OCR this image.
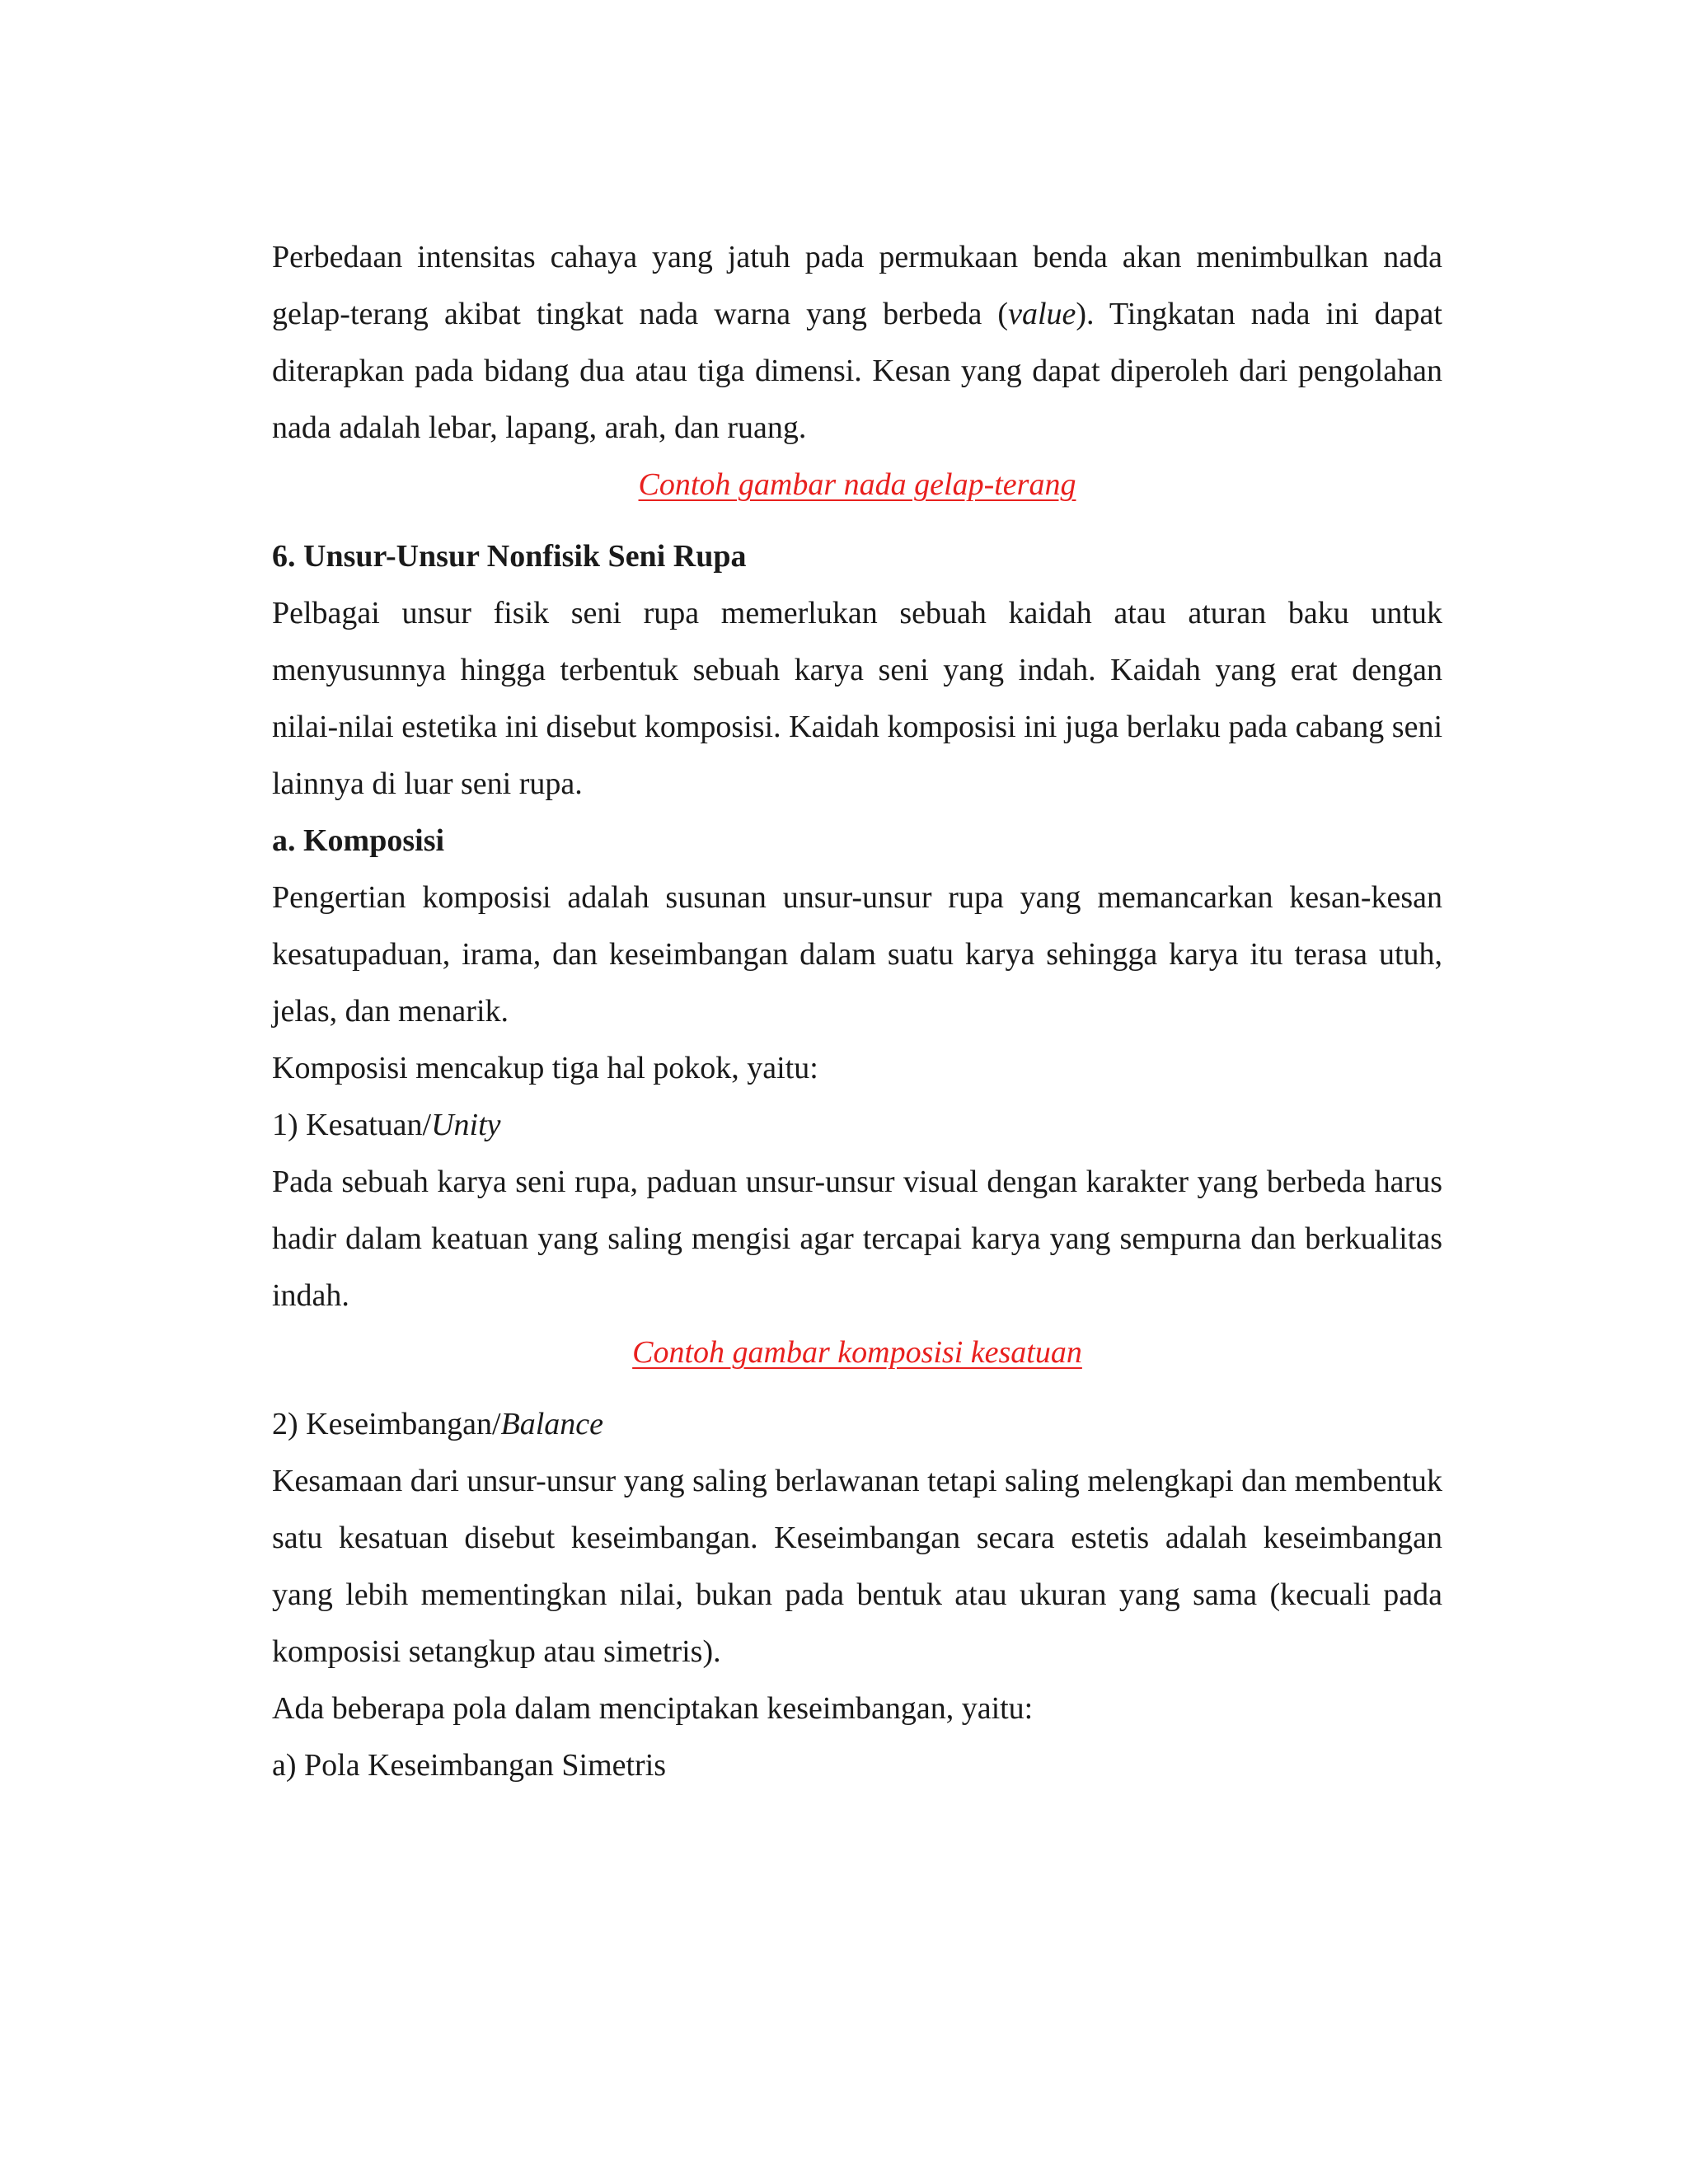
Perbedaan intensitas cahaya yang jatuh pada permukaan benda akan menimbulkan nada gelap-terang akibat tingkat nada warna yang berbeda (value). Tingkatan nada ini dapat diterapkan pada bidang dua atau tiga dimensi. Kesan yang dapat diperoleh dari pengolahan nada adalah lebar, lapang, arah, dan ruang.

Contoh gambar nada gelap-terang

6. Unsur-Unsur Nonfisik Seni Rupa

Pelbagai unsur fisik seni rupa memerlukan sebuah kaidah atau aturan baku untuk menyusunnya hingga terbentuk sebuah karya seni yang indah. Kaidah yang erat dengan nilai-nilai estetika ini disebut komposisi. Kaidah komposisi ini juga berlaku pada cabang seni lainnya di luar seni rupa.

a. Komposisi

Pengertian komposisi adalah susunan unsur-unsur rupa yang memancarkan kesan-kesan kesatupaduan, irama, dan keseimbangan dalam suatu karya sehingga karya itu terasa utuh, jelas, dan menarik.

Komposisi mencakup tiga hal pokok, yaitu:

1) Kesatuan/Unity

Pada sebuah karya seni rupa, paduan unsur-unsur visual dengan karakter yang berbeda harus hadir dalam keatuan yang saling mengisi agar tercapai karya yang sempurna dan berkualitas indah.

Contoh gambar komposisi kesatuan

2) Keseimbangan/Balance

Kesamaan dari unsur-unsur yang saling berlawanan tetapi saling melengkapi dan membentuk satu kesatuan disebut keseimbangan. Keseimbangan secara estetis adalah keseimbangan yang lebih mementingkan nilai, bukan pada bentuk atau ukuran yang sama (kecuali pada komposisi setangkup atau simetris).

Ada beberapa pola dalam menciptakan keseimbangan, yaitu:

a) Pola Keseimbangan Simetris
